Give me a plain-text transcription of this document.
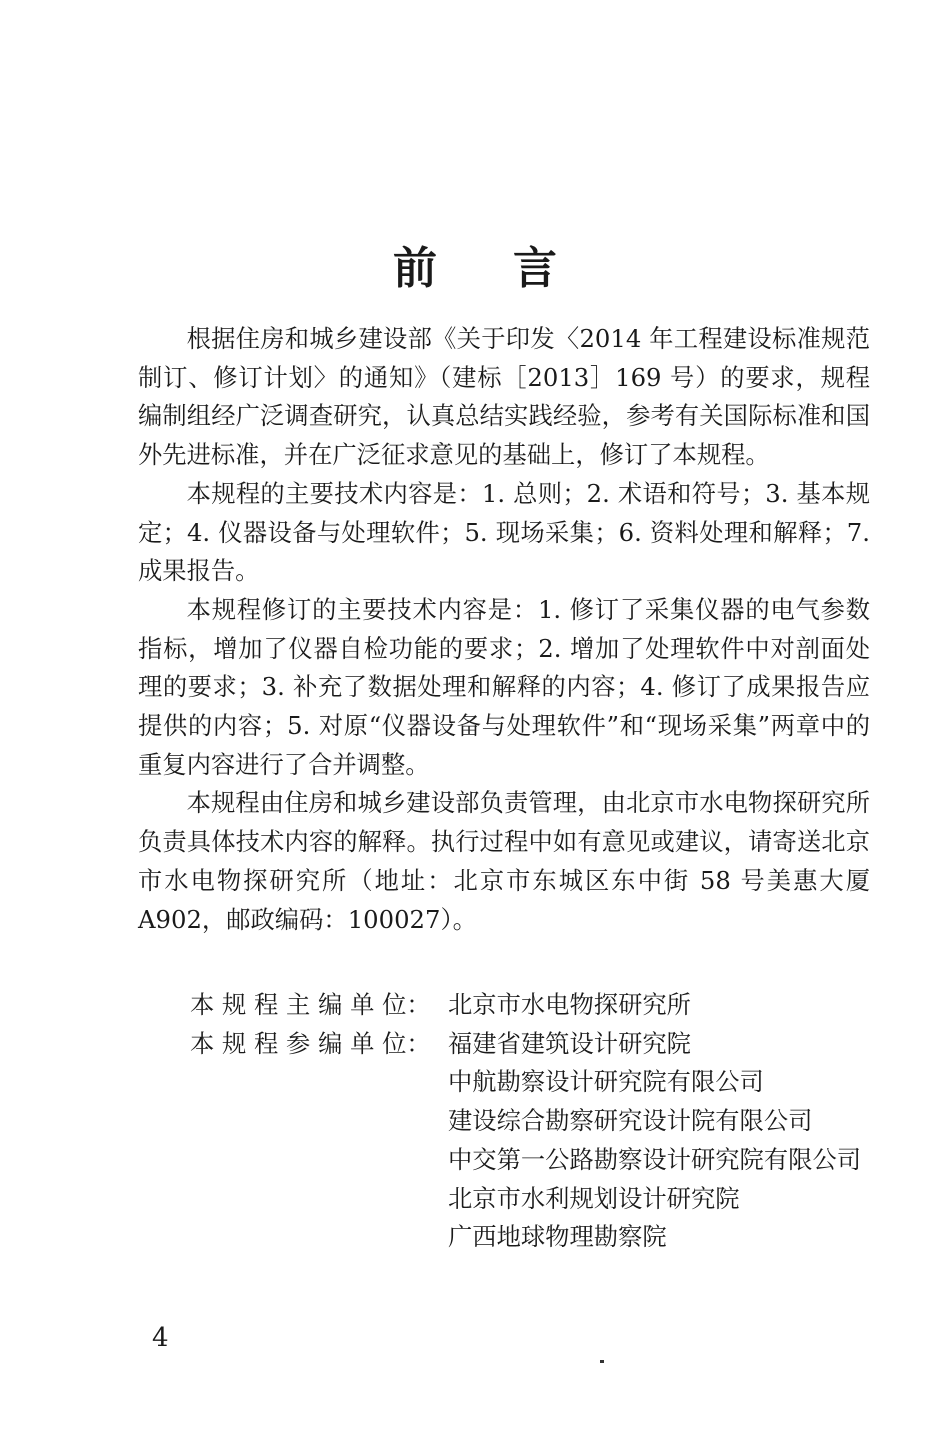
前言

根据住房和城乡建设部《关于印发〈2014 年工程建设标准规范制订、修订计划〉的通知》（建标［2013］169 号）的要求，规程编制组经广泛调查研究，认真总结实践经验，参考有关国际标准和国外先进标准，并在广泛征求意见的基础上，修订了本规程。

本规程的主要技术内容是：1. 总则；2. 术语和符号；3. 基本规定；4. 仪器设备与处理软件；5. 现场采集；6. 资料处理和解释；7. 成果报告。

本规程修订的主要技术内容是：1. 修订了采集仪器的电气参数指标，增加了仪器自检功能的要求；2. 增加了处理软件中对剖面处理的要求；3. 补充了数据处理和解释的内容；4. 修订了成果报告应提供的内容；5. 对原“仪器设备与处理软件”和“现场采集”两章中的重复内容进行了合并调整。

本规程由住房和城乡建设部负责管理，由北京市水电物探研究所负责具体技术内容的解释。执行过程中如有意见或建议，请寄送北京市水电物探研究所（地址：北京市东城区东中街 58 号美惠大厦 A902，邮政编码：100027）。

本 规 程 主 编 单 位： 北京市水电物探研究所
本 规 程 参 编 单 位： 福建省建筑设计研究院
中航勘察设计研究院有限公司
建设综合勘察研究设计院有限公司
中交第一公路勘察设计研究院有限公司
北京市水利规划设计研究院
广西地球物理勘察院
4
